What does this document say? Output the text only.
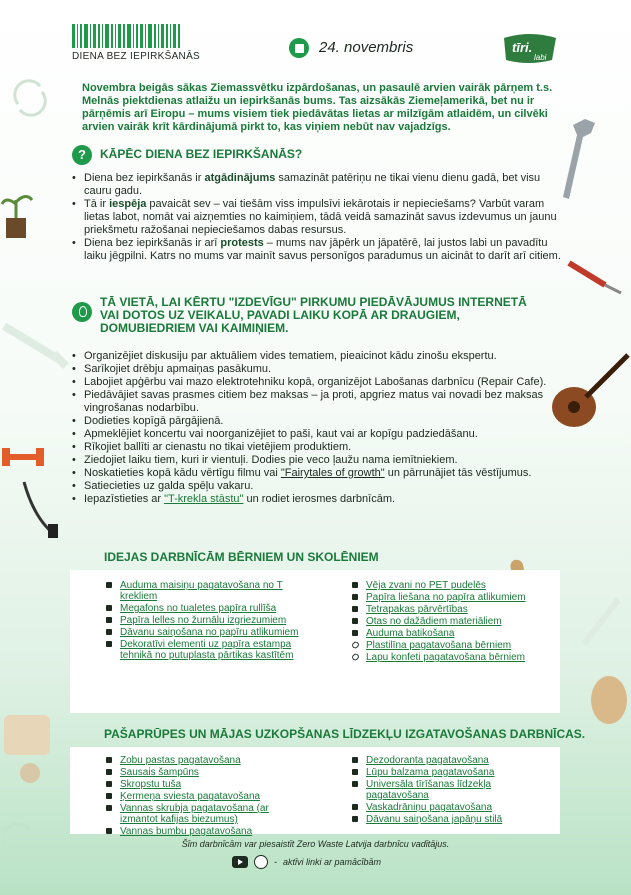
DIENA BEZ IEPIRKŠANĀS
24. novembris	tīri.
labi
Novembra beigās sākas Ziemassvētku izpārdošanas, un pasaulē arvien vairāk pārņem t.s. Melnās piektdienas atlaižu un iepirkšanās bums. Tas aizsākās Ziemeļamerikā, bet nu ir pārņēmis arī Eiropu – mums visiem tiek piedāvātas lietas ar milzīgām atlaidēm, un cilvēki arvien vairāk krīt kārdinājumā pirkt to, kas viņiem nebūt nav vajadzīgs.
?	KĀPĒC DIENA BEZ IEPIRKŠANĀS?
• Diena bez iepirkšanās ir atgādinājums samazināt patēriņu ne tikai vienu dienu gadā, bet visu cauru gadu.
• Tā ir iespēja pavaicāt sev – vai tiešām viss impulsīvi iekārotais ir nepieciešams? Varbūt varam lietas labot, nomāt vai aizņemties no kaimiņiem, tādā veidā samazināt savus izdevumus un jaunu priekšmetu ražošanai nepieciešamos dabas resursus.
• Diena bez iepirkšanās ir arī protests – mums nav jāpērk un jāpatērē, lai justos labi un pavadītu laiku jēgpilni. Katrs no mums var mainīt savus personīgos paradumus un aicināt to darīt arī citiem.
TĀ VIETĀ, LAI KĒRTU "IZDEVĪGU" PIRKUMU PIEDĀVĀJUMUS INTERNETĀ VAI DOTOS UZ VEIKALU, PAVADI LAIKU KOPĀ AR DRAUGIEM, DOMUBIEDRIEM VAI KAIMIŅIEM.
• Organizējiet diskusiju par aktuāliem vides tematiem, pieaicinot kādu zinošu ekspertu.
• Sarīkojiet drēbju apmaiņas pasākumu.
• Labojiet apģērbu vai mazo elektrotehniku kopā, organizējot Labošanas darbnīcu (Repair Cafe).
• Piedāvājiet savas prasmes citiem bez maksas – ja proti, apgriez matus vai novadi bez maksas vingrošanas nodarbību.
• Dodieties kopīgā pārgājienā.
• Apmeklējiet koncertu vai noorganizējiet to paši, kaut vai ar kopīgu padziedāšanu.
• Rīkojiet ballīti ar cienastu no tikai vietējiem produktiem.
• Ziedojiet laiku tiem, kuri ir vientuļi. Dodies pie veco ļaužu nama iemītniekiem.
• Noskatieties kopā kādu vērtīgu filmu vai "Fairytales of growth" un pārrunājiet tās vēstījumus.
• Satiecieties uz galda spēļu vakaru.
• Iepazīstieties ar "T-krekla stāstu" un rodiet ierosmes darbnīcām.
IDEJAS DARBNĪCĀM BĒRNIEM UN SKOLĒNIEM
Auduma maisiņu pagatavošana no T krekliem
Megafons no tualetes papīra rullīša
Papīra lelles no žurnālu izgriezumiem
Dāvanu saiņošana no papīru atlikumiem
Dekoratīvi elementi uz papīra estampa tehnikā no putuplasta pārtikas kastītēm
Vēja zvani no PET pudelēs
Papīra liešana no papīra atlikumiem
Tetrapakas pārvērtības
Otas no dažādiem materiāliem
Auduma batikošana
Plastilīna pagatavošana bērniem
Lapu konfeti pagatavošana bērniem
PAŠAPRŪPES UN MĀJAS UZKOPŠANAS LĪDZEKĻU IZGATAVOŠANAS DARBNĪCAS.
Zobu pastas pagatavošana
Sausais šampūns
Skropstu tuša
Ķermeņa sviesta pagatavošana
Vannas skrubja pagatavošana (ar izmantot kafijas biezumus)
Vannas bumbu pagatavošana
Dezodoranta pagatavošana
Lūpu balzama pagatavošana
Universāla tīrīšanas līdzekļa pagatavošana
Vaskadrāniņu pagatavošana
Dāvanu saiņošana japāņu stilā
Šīm darbnīcām var piesaistīt Zero Waste Latvija darbnīcu vadītājus.
- aktīvi linki ar pamācībām
